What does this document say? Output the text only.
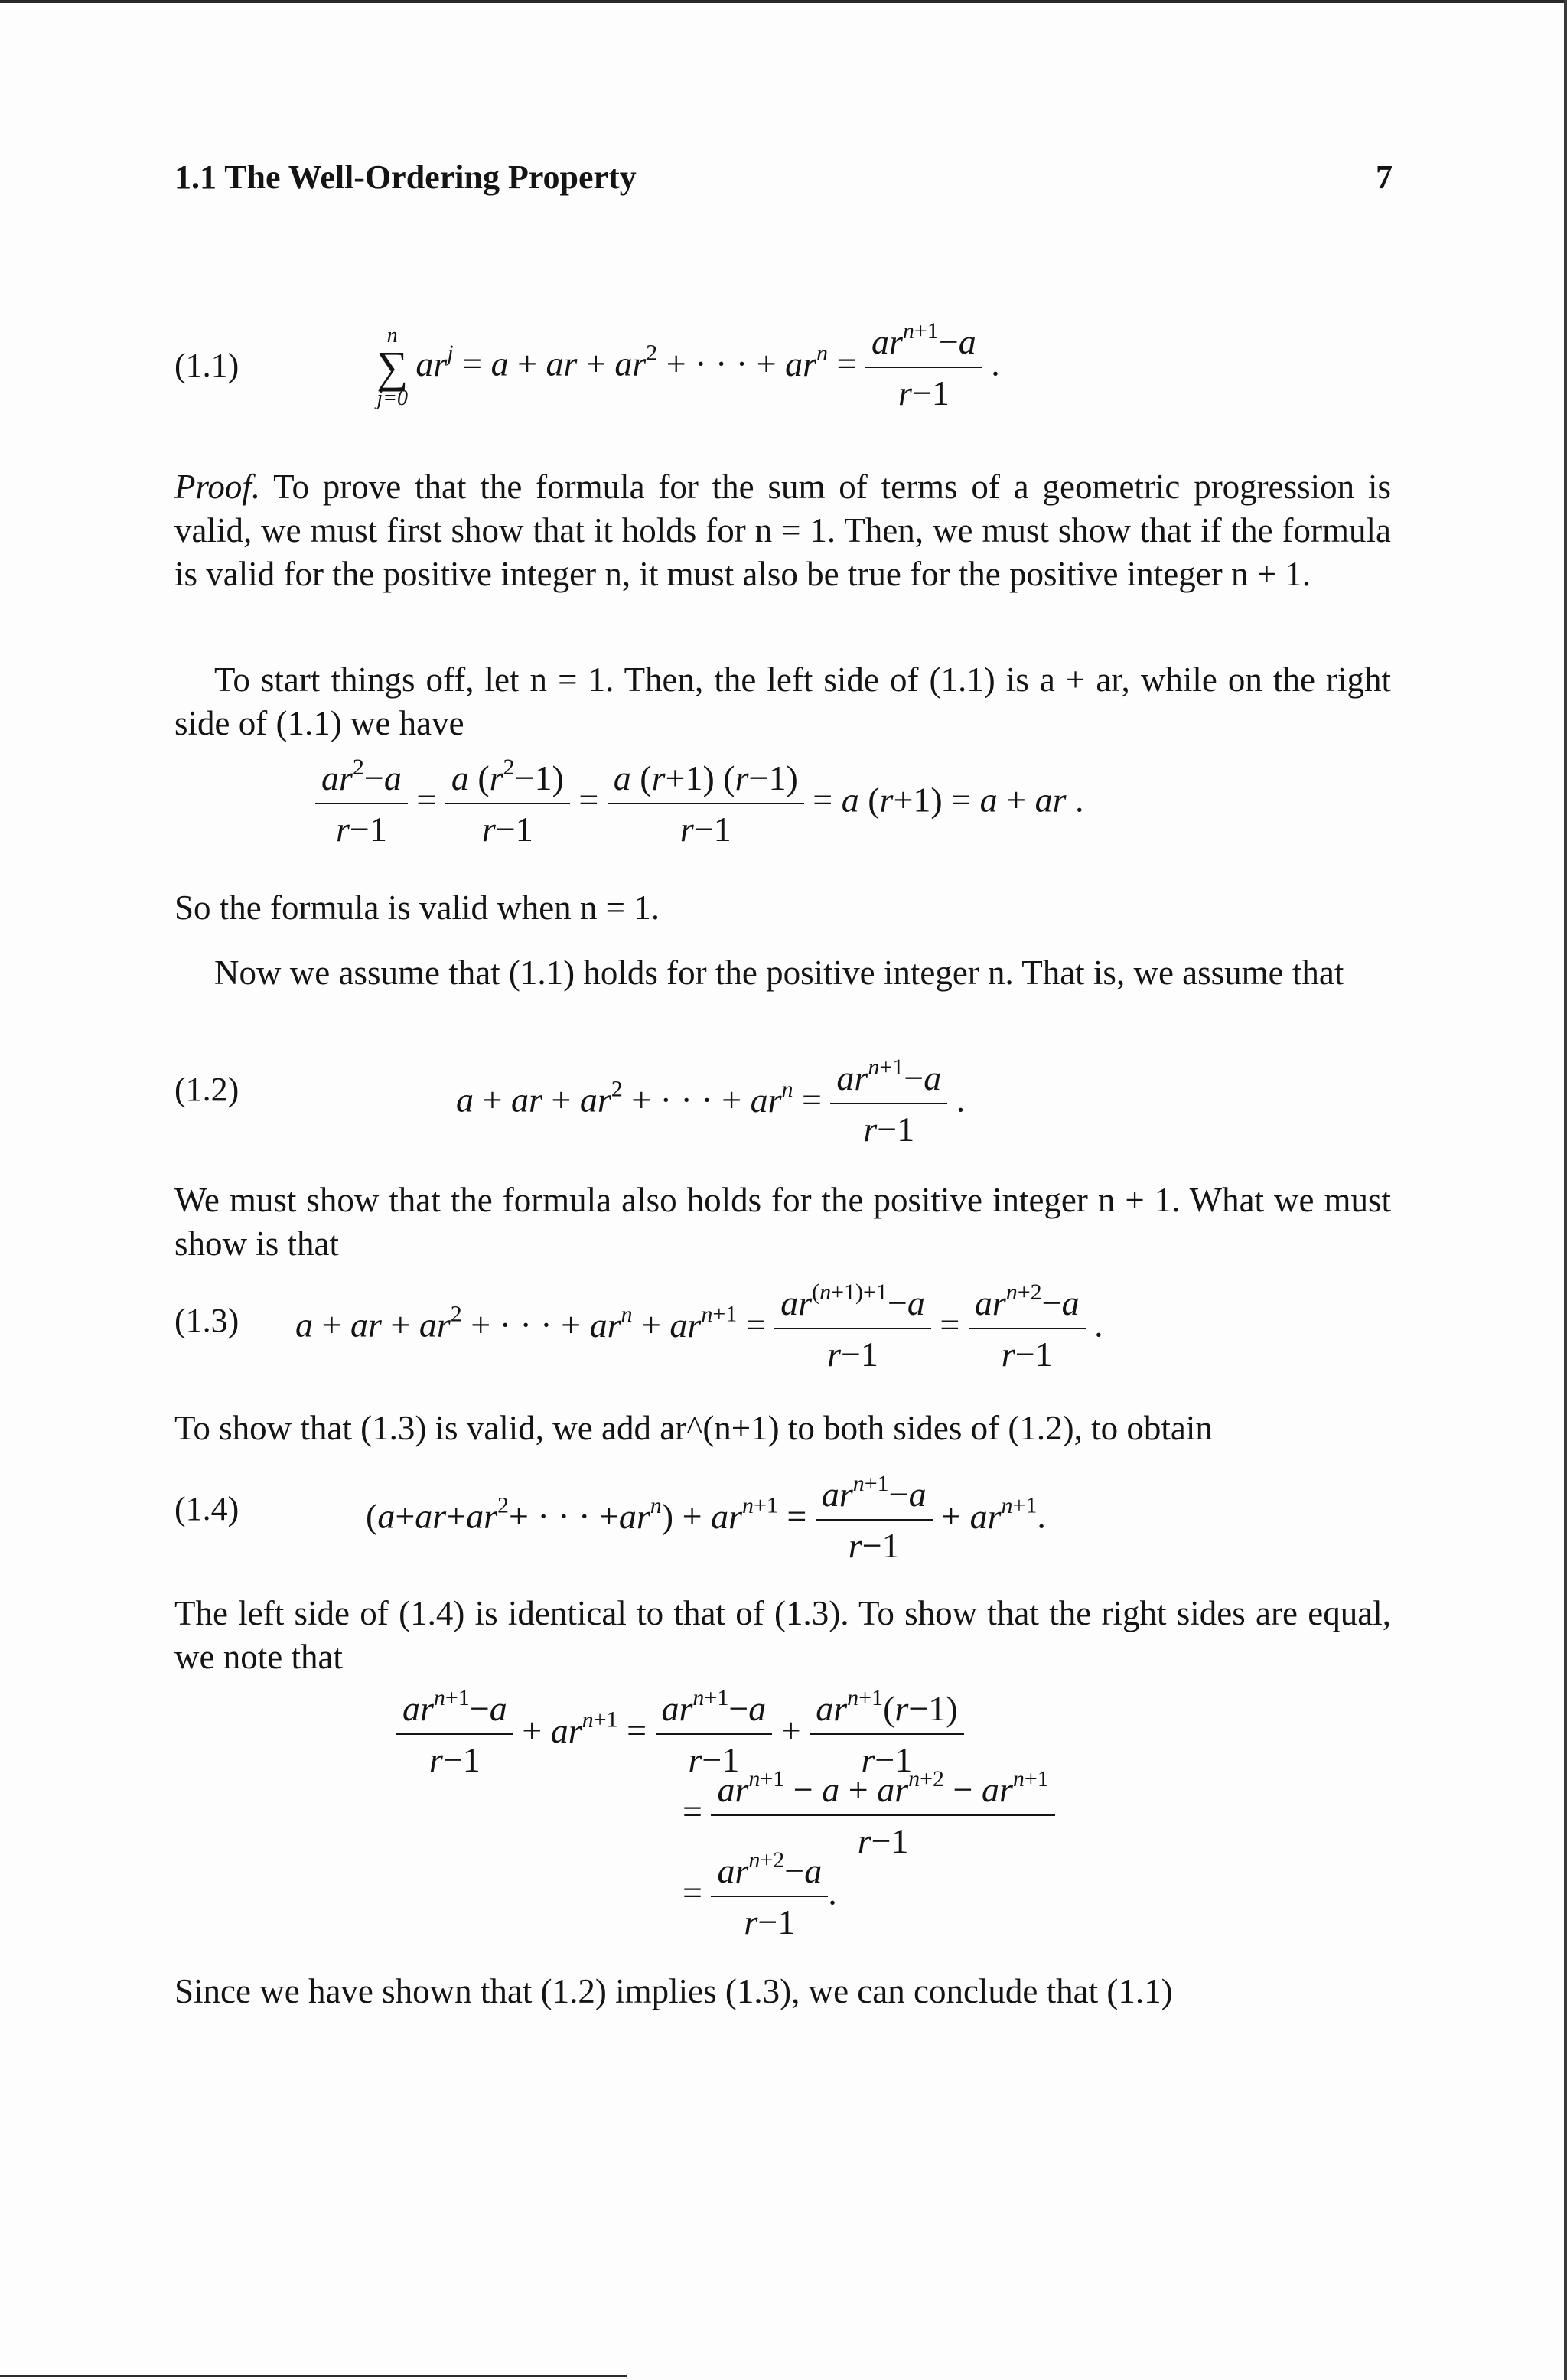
1.1 The Well-Ordering Property	7
(1.1)
n
∑
j=0
$ar^j = a$ + ar + $ar^2$ + · · · + $ar^n = \frac{ar^{n+1}-a}{r-1}$ .
Proof. To prove that the formula for the sum of terms of a geometric progression is valid, we must first show that it holds for n = 1. Then, we must show that if the formula is valid for the positive integer n, it must also be true for the positive integer n + 1.
To start things off, let n = 1. Then, the left side of (1.1) is a + ar, while on the right side of (1.1) we have
$\frac{ar^2-a}{r-1} = \frac{a (r^2-1)}{r-1} = \frac{a (r+1) (r-1)}{r-1} = a$ (r+1) = a + ar .
So the formula is valid when n = 1.
Now we assume that (1.1) holds for the positive integer n. That is, we assume that
(1.2)	a + ar + $ar^2$ + · · · + $ar^n = \frac{ar^{n+1}-a}{r-1}$ .
We must show that the formula also holds for the positive integer n + 1. What we must show is that
(1.3) a + ar + $ar^2$ + · · · + $ar^n + ar^{n+1} = \frac{ar^{(n+1)+1}-a}{r-1} = \frac{ar^{n+2}-a}{r-1}$ .
To show that (1.3) is valid, we add ar^(n+1) to both sides of (1.2), to obtain
(1.4)	($a+ar+ar^2+$ · · · $+ar^n) + ar^{n+1} = \frac{ar^{n+1}-a}{r-1} + ar^{n+1}$.
The left side of (1.4) is identical to that of (1.3). To show that the right sides are equal, we note that
$\frac{ar^{n+1}-a}{r-1} + ar^{n+1} = \frac{ar^{n+1}-a}{r-1} + \frac{ar^{n+1}(r-1)}{r-1}$
= $\frac{ar^{n+1} - a + ar^{n+2} - ar^{n+1}}{r-1}$
= $\frac{ar^{n+2}-a}{r-1}$ .
Since we have shown that (1.2) implies (1.3), we can conclude that (1.1)
